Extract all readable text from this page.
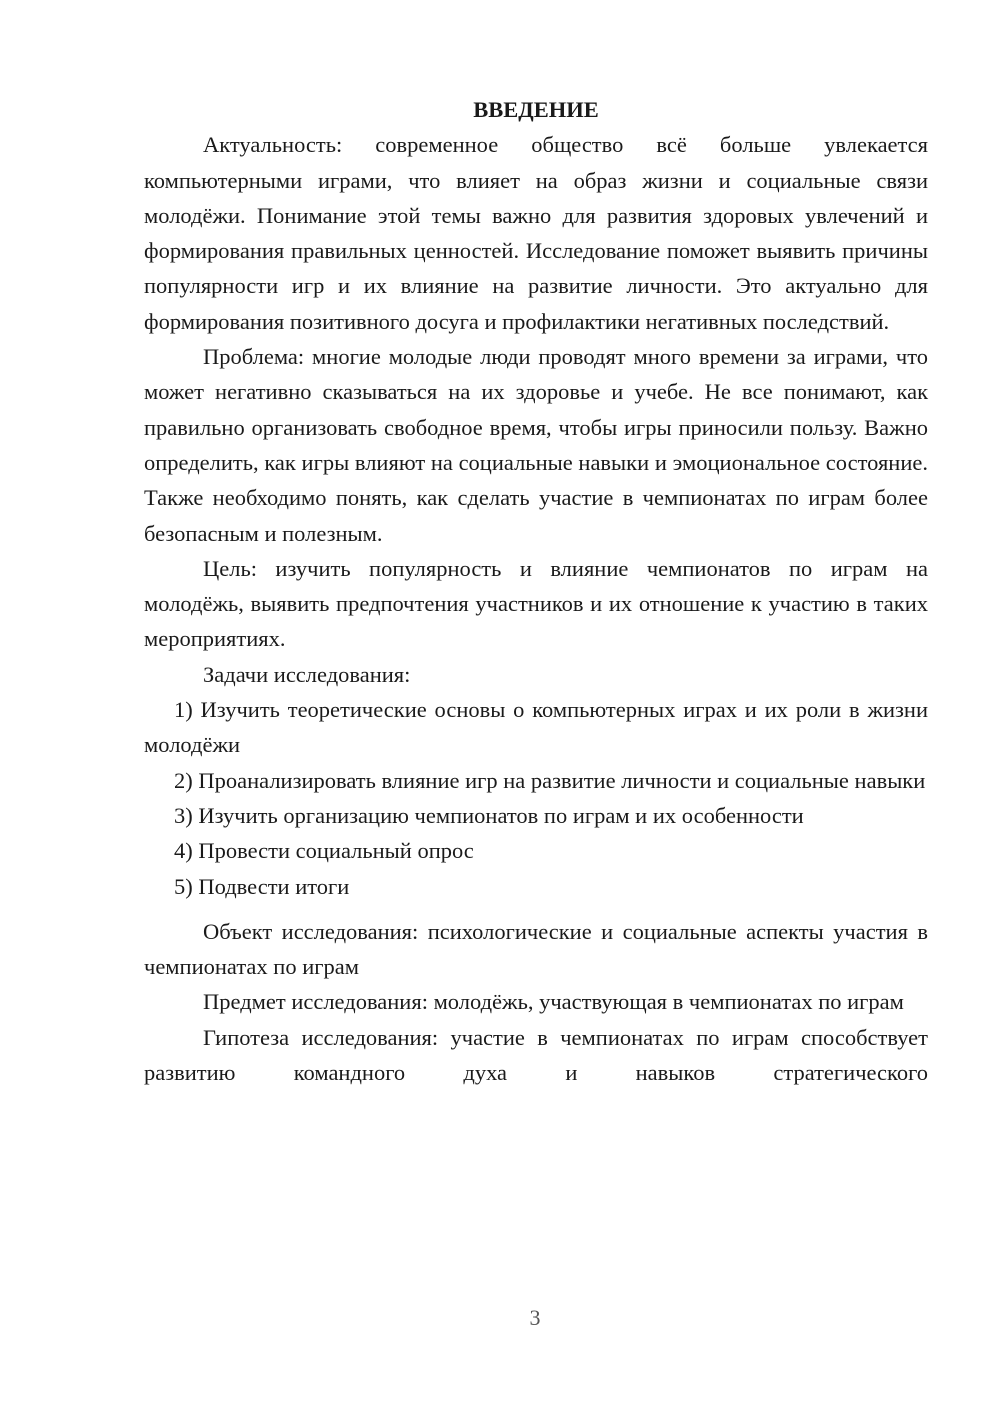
ВВЕДЕНИЕ

Актуальность: современное общество всё больше увлекается компьютерными играми, что влияет на образ жизни и социальные связи молодёжи. Понимание этой темы важно для развития здоровых увлечений и формирования правильных ценностей. Исследование поможет выявить причины популярности игр и их влияние на развитие личности. Это актуально для формирования позитивного досуга и профилактики негативных последствий.

Проблема: многие молодые люди проводят много времени за играми, что может негативно сказываться на их здоровье и учебе. Не все понимают, как правильно организовать свободное время, чтобы игры приносили пользу. Важно определить, как игры влияют на социальные навыки и эмоциональное состояние. Также необходимо понять, как сделать участие в чемпионатах по играм более безопасным и полезным.

Цель: изучить популярность и влияние чемпионатов по играм на молодёжь, выявить предпочтения участников и их отношение к участию в таких мероприятиях.

Задачи исследования:

1) Изучить теоретические основы о компьютерных играх и их роли в жизни молодёжи

2) Проанализировать влияние игр на развитие личности и социальные навыки

3) Изучить организацию чемпионатов по играм и их особенности

4) Провести социальный опрос

5) Подвести итоги

Объект исследования: психологические и социальные аспекты участия в чемпионатах по играм

Предмет исследования: молодёжь, участвующая в чемпионатах по играм

Гипотеза исследования: участие в чемпионатах по играм способствует развитию командного духа и навыков стратегического

3
